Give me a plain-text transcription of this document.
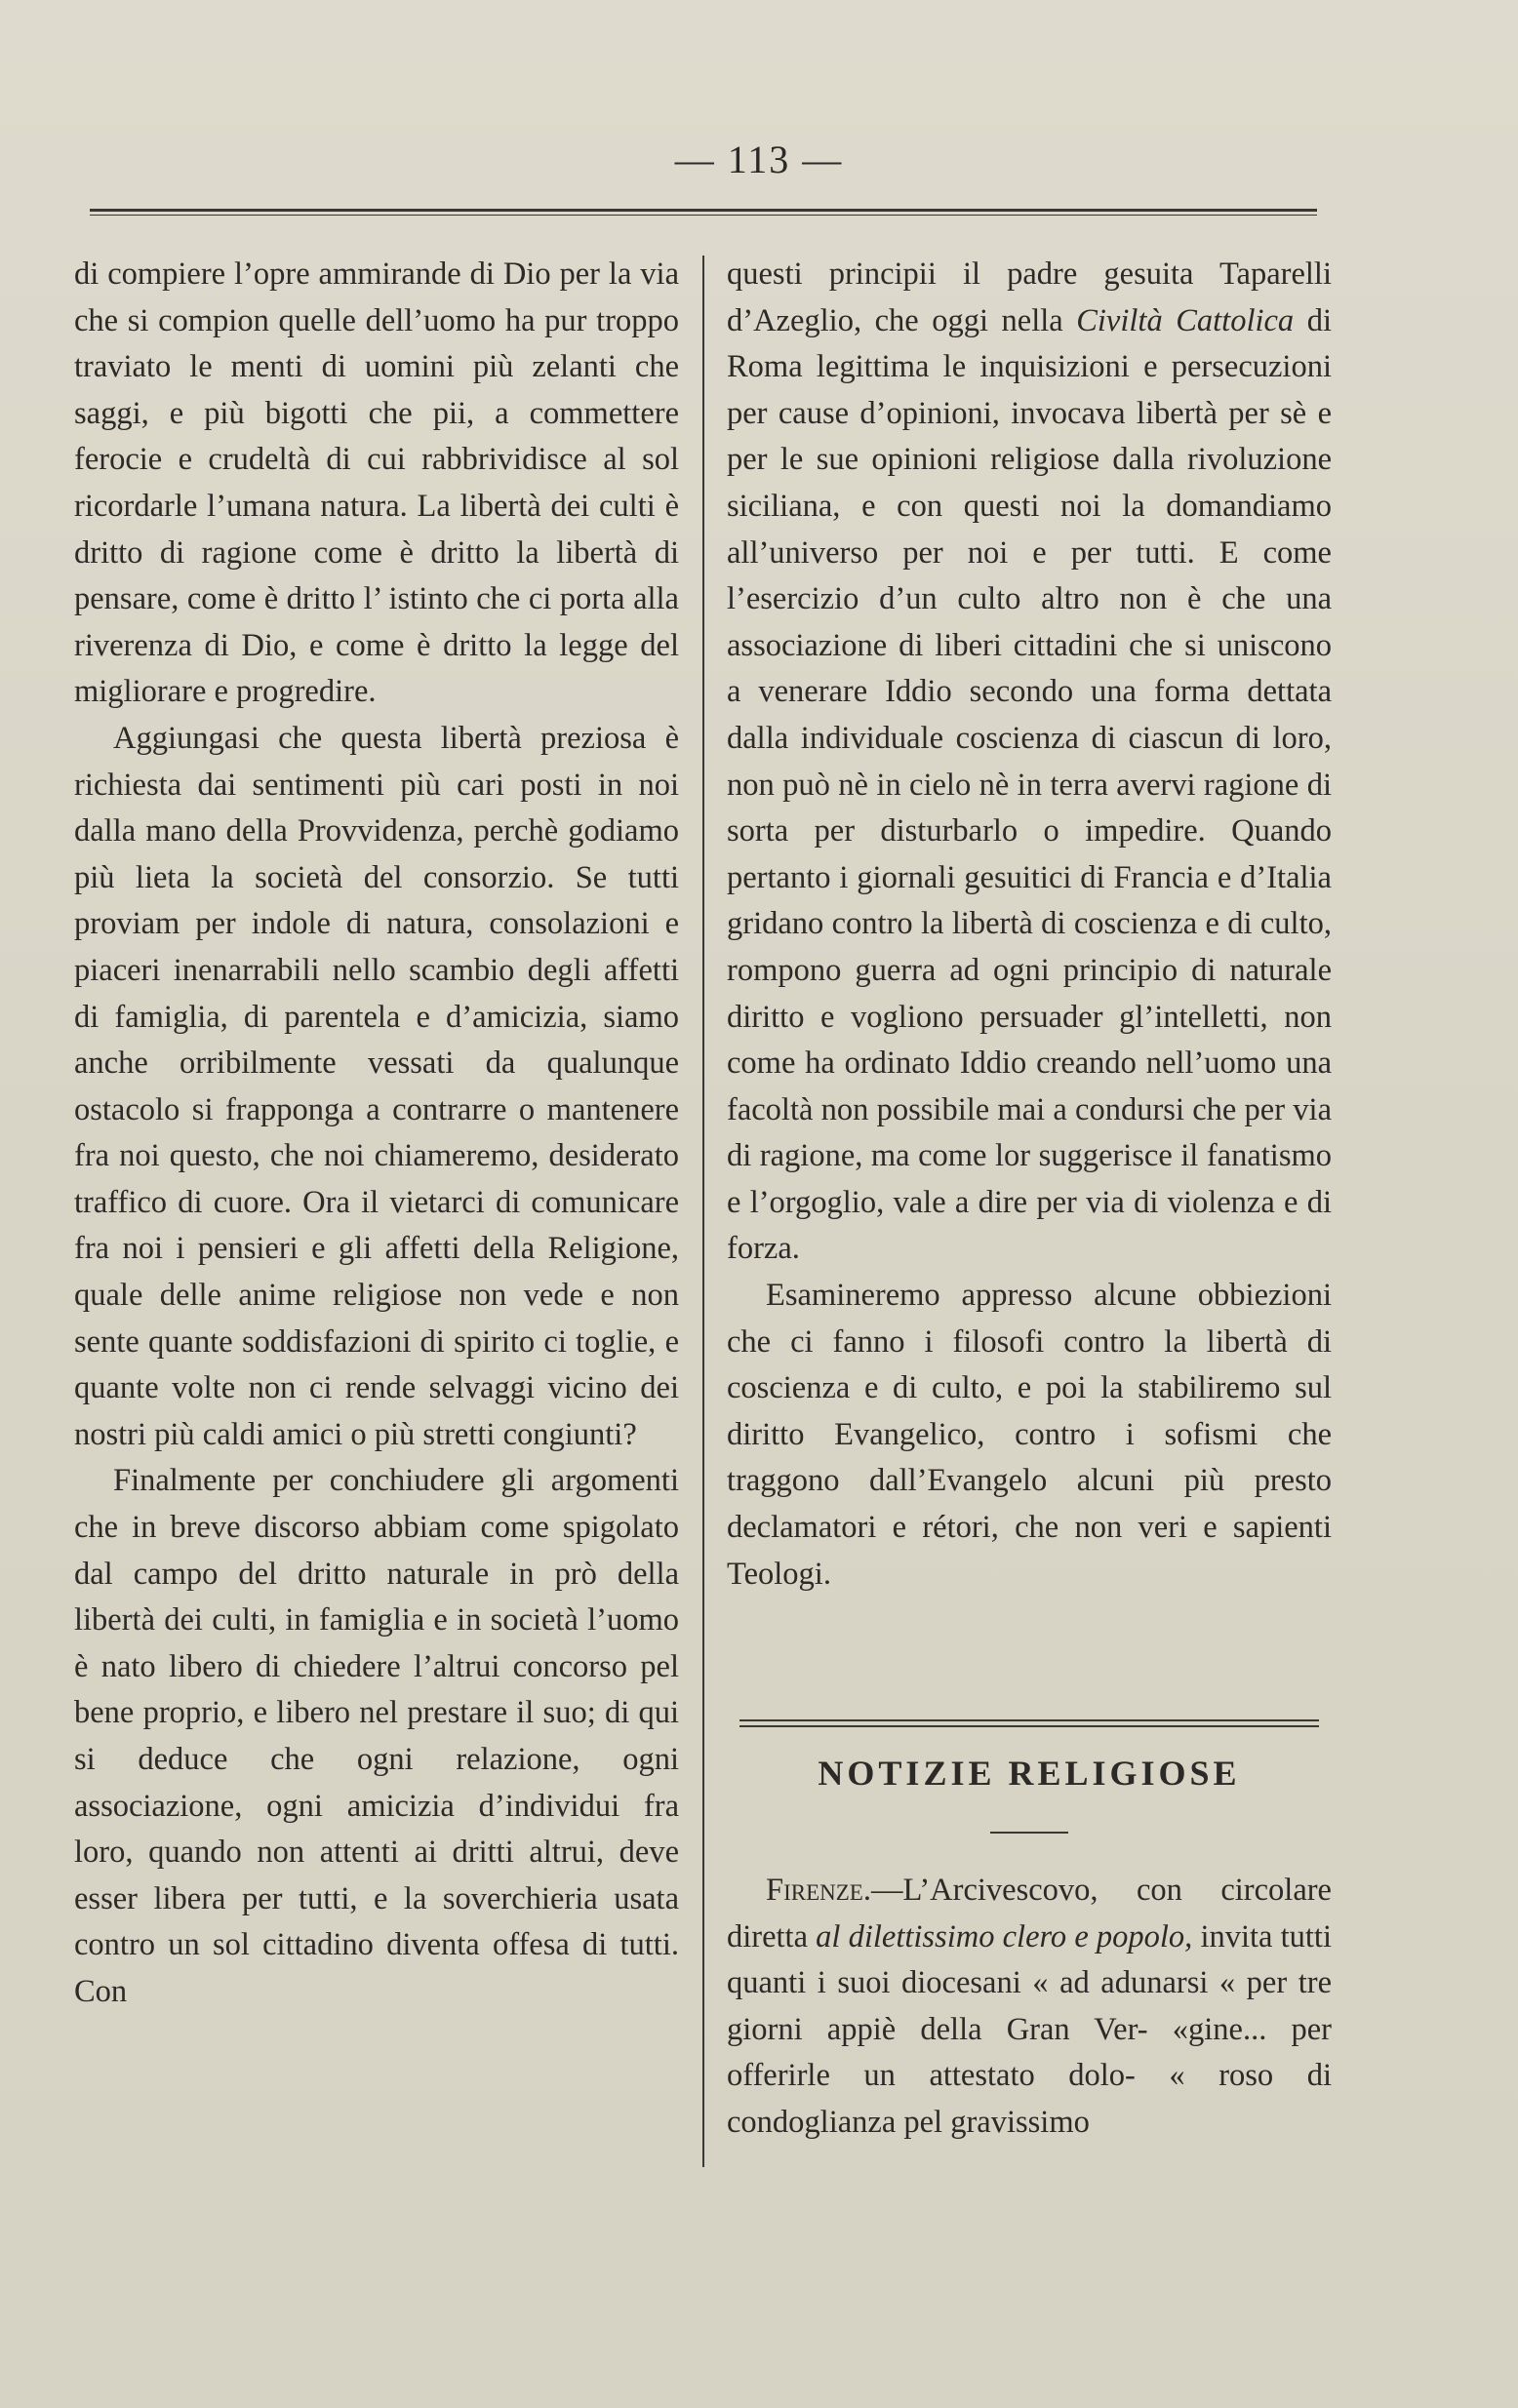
— 113 —

di compiere l’opre ammirande di Dio per la via che si compion quelle dell’uomo ha pur troppo traviato le menti di uomini più zelanti che saggi, e più bigotti che pii, a commettere ferocie e crudeltà di cui rabbrividisce al sol ricordarle l’umana natura. La libertà dei culti è dritto di ragione come è dritto la libertà di pensare, come è dritto l’ istinto che ci porta alla riverenza di Dio, e come è dritto la legge del migliorare e progredire.

Aggiungasi che questa libertà preziosa è richiesta dai sentimenti più cari posti in noi dalla mano della Provvidenza, perchè godiamo più lieta la società del consorzio. Se tutti proviam per indole di natura, consolazioni e piaceri inenarrabili nello scambio degli affetti di famiglia, di parentela e d’amicizia, siamo anche orribilmente vessati da qualunque ostacolo si frapponga a contrarre o mantenere fra noi questo, che noi chiameremo, desiderato traffico di cuore. Ora il vietarci di comunicare fra noi i pensieri e gli affetti della Religione, quale delle anime religiose non vede e non sente quante soddisfazioni di spirito ci toglie, e quante volte non ci rende selvaggi vicino dei nostri più caldi amici o più stretti congiunti?

Finalmente per conchiudere gli argomenti che in breve discorso abbiam come spigolato dal campo del dritto naturale in prò della libertà dei culti, in famiglia e in società l’uomo è nato libero di chiedere l’altrui concorso pel bene proprio, e libero nel prestare il suo; di qui si deduce che ogni relazione, ogni associazione, ogni amicizia d’individui fra loro, quando non attenti ai dritti altrui, deve esser libera per tutti, e la soverchieria usata contro un sol cittadino diventa offesa di tutti. Con

questi principii il padre gesuita Taparelli d’Azeglio, che oggi nella Civiltà Cattolica di Roma legittima le inquisizioni e persecuzioni per cause d’opinioni, invocava libertà per sè e per le sue opinioni religiose dalla rivoluzione siciliana, e con questi noi la domandiamo all’universo per noi e per tutti. E come l’esercizio d’un culto altro non è che una associazione di liberi cittadini che si uniscono a venerare Iddio secondo una forma dettata dalla individuale coscienza di ciascun di loro, non può nè in cielo nè in terra avervi ragione di sorta per disturbarlo o impedire. Quando pertanto i giornali gesuitici di Francia e d’Italia gridano contro la libertà di coscienza e di culto, rompono guerra ad ogni principio di naturale diritto e vogliono persuader gl’intelletti, non come ha ordinato Iddio creando nell’uomo una facoltà non possibile mai a condursi che per via di ragione, ma come lor suggerisce il fanatismo e l’orgoglio, vale a dire per via di violenza e di forza.

Esamineremo appresso alcune obbiezioni che ci fanno i filosofi contro la libertà di coscienza e di culto, e poi la stabiliremo sul diritto Evangelico, contro i sofismi che traggono dall’Evangelo alcuni più presto declamatori e rétori, che non veri e sapienti Teologi.

NOTIZIE RELIGIOSE

Firenze.—L’Arcivescovo, con circolare diretta al dilettissimo clero e popolo, invita tutti quanti i suoi diocesani « ad adunarsi « per tre giorni appiè della Gran Ver- «gine... per offerirle un attestato dolo- « roso di condoglianza pel gravissimo
